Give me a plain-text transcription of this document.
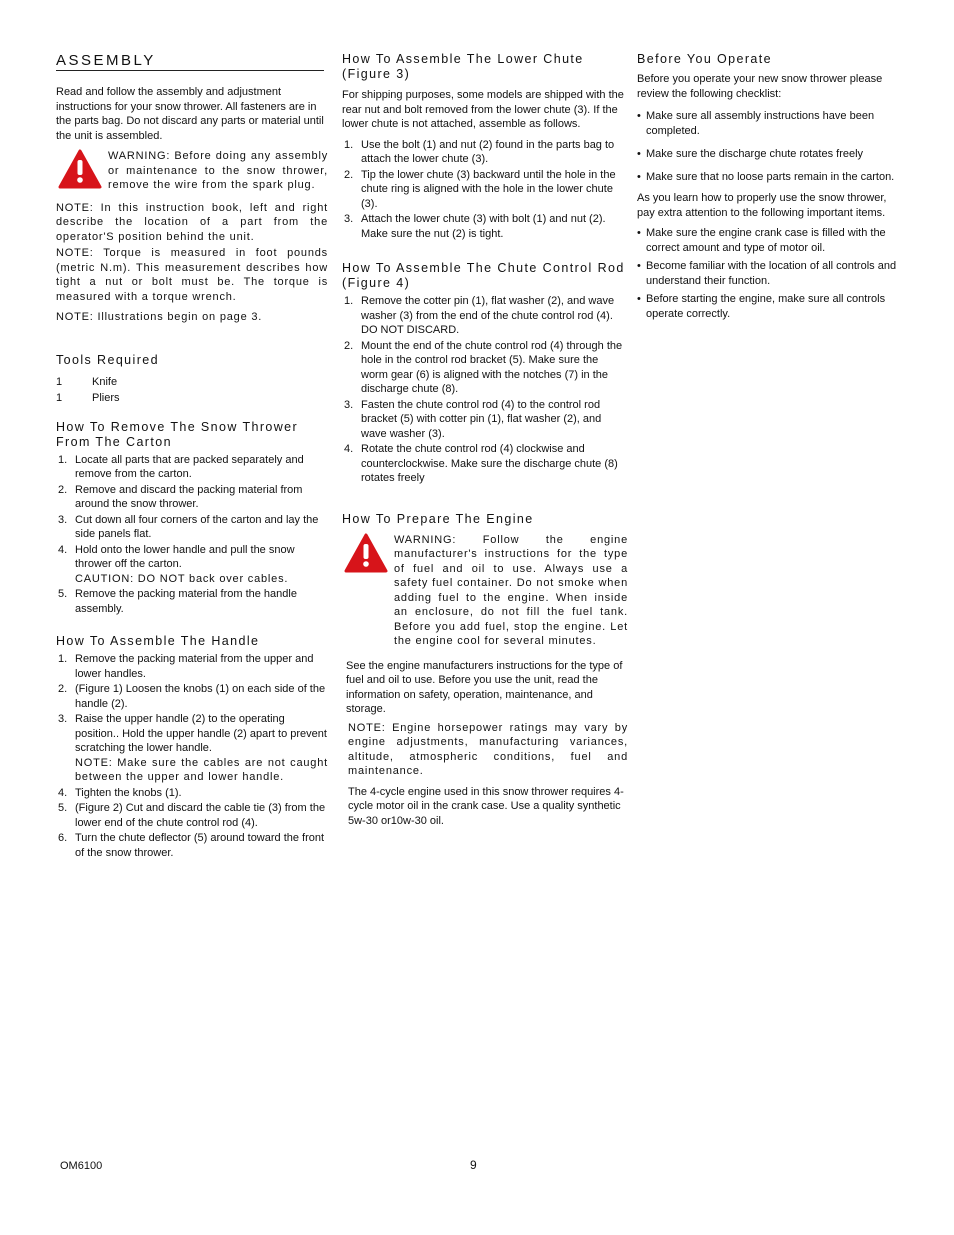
ASSEMBLY

Read and follow the assembly and adjustment instructions for your snow thrower. All fasteners are in the parts bag. Do not discard any parts or material until the unit is assembled.

WARNING: Before doing any assembly or maintenance to the snow thrower, remove the wire from the spark plug.

NOTE: In this instruction book, left and right describe the location of a part from the operator'S position behind the unit.

NOTE: Torque is measured in foot pounds (metric N.m). This measurement describes how tight a nut or bolt must be. The torque is measured with a torque wrench.

NOTE: Illustrations begin on page 3.

Tools Required
1	Knife
1	Pliers
How To Remove The Snow Thrower From The Carton
1. Locate all parts that are packed separately and remove from the carton.
2. Remove and discard the packing material from around the snow thrower.
3. Cut down all four corners of the carton and lay the side panels flat.
4. Hold onto the lower handle and pull the snow thrower off the carton.
CAUTION: DO NOT back over cables.
5. Remove the packing material from the handle assembly.
How To Assemble The Handle
1. Remove the packing material from the upper and lower handles.
2. (Figure 1) Loosen the knobs (1) on each side of the handle (2).
3. Raise the upper handle (2) to the operating position.. Hold the upper handle (2) apart to prevent scratching the lower handle.
NOTE: Make sure the cables are not caught between the upper and lower handle.
4. Tighten the knobs (1).
5. (Figure 2) Cut and discard the cable tie (3) from the lower end of the chute control rod (4).
6. Turn the chute deflector (5) around toward the front of the snow thrower.
How To Assemble The Lower Chute (Figure 3)

For shipping purposes, some models are shipped with the rear nut and bolt removed from the lower chute (3). If the lower chute is not attached, assemble as follows.

1. Use the bolt (1) and nut (2) found in the parts bag to attach the lower chute (3).
2. Tip the lower chute (3) backward until the hole in the chute ring is aligned with the hole in the lower chute (3).
3. Attach the lower chute (3) with bolt (1) and nut (2). Make sure the nut (2) is tight.
How To Assemble The Chute Control Rod (Figure 4)
1. Remove the cotter pin (1), flat washer (2), and wave washer (3) from the end of the chute control rod (4). DO NOT DISCARD.
2. Mount the end of the chute control rod (4) through the hole in the control rod bracket (5). Make sure the worm gear (6) is aligned with the notches (7) in the discharge chute (8).
3. Fasten the chute control rod (4) to the control rod bracket (5) with cotter pin (1), flat washer (2), and wave washer (3).
4. Rotate the chute control rod (4) clockwise and counterclockwise. Make sure the discharge chute (8) rotates freely
How To Prepare The Engine

WARNING: Follow the engine manufacturer's instructions for the type of fuel and oil to use. Always use a safety fuel container. Do not smoke when adding fuel to the engine. When inside an enclosure, do not fill the fuel tank. Before you add fuel, stop the engine. Let the engine cool for several minutes.

See the engine manufacturers instructions for the type of fuel and oil to use. Before you use the unit, read the information on safety, operation, maintenance, and storage.

NOTE: Engine horsepower ratings may vary by engine adjustments, manufacturing variances, altitude, atmospheric conditions, fuel and maintenance.

The 4-cycle engine used in this snow thrower requires 4-cycle motor oil in the crank case. Use a quality synthetic 5w-30 or10w-30 oil.

Before You Operate

Before you operate your new snow thrower please review the following checklist:

• Make sure all assembly instructions have been completed.
• Make sure the discharge chute rotates freely
• Make sure that no loose parts remain in the carton.

As you learn how to properly use the snow thrower, pay extra attention to the following important items.

• Make sure the engine crank case is filled with the correct amount and type of motor oil.
• Become familiar with the location of all controls and understand their function.
• Before starting the engine, make sure all controls operate correctly.
OM6100	9
